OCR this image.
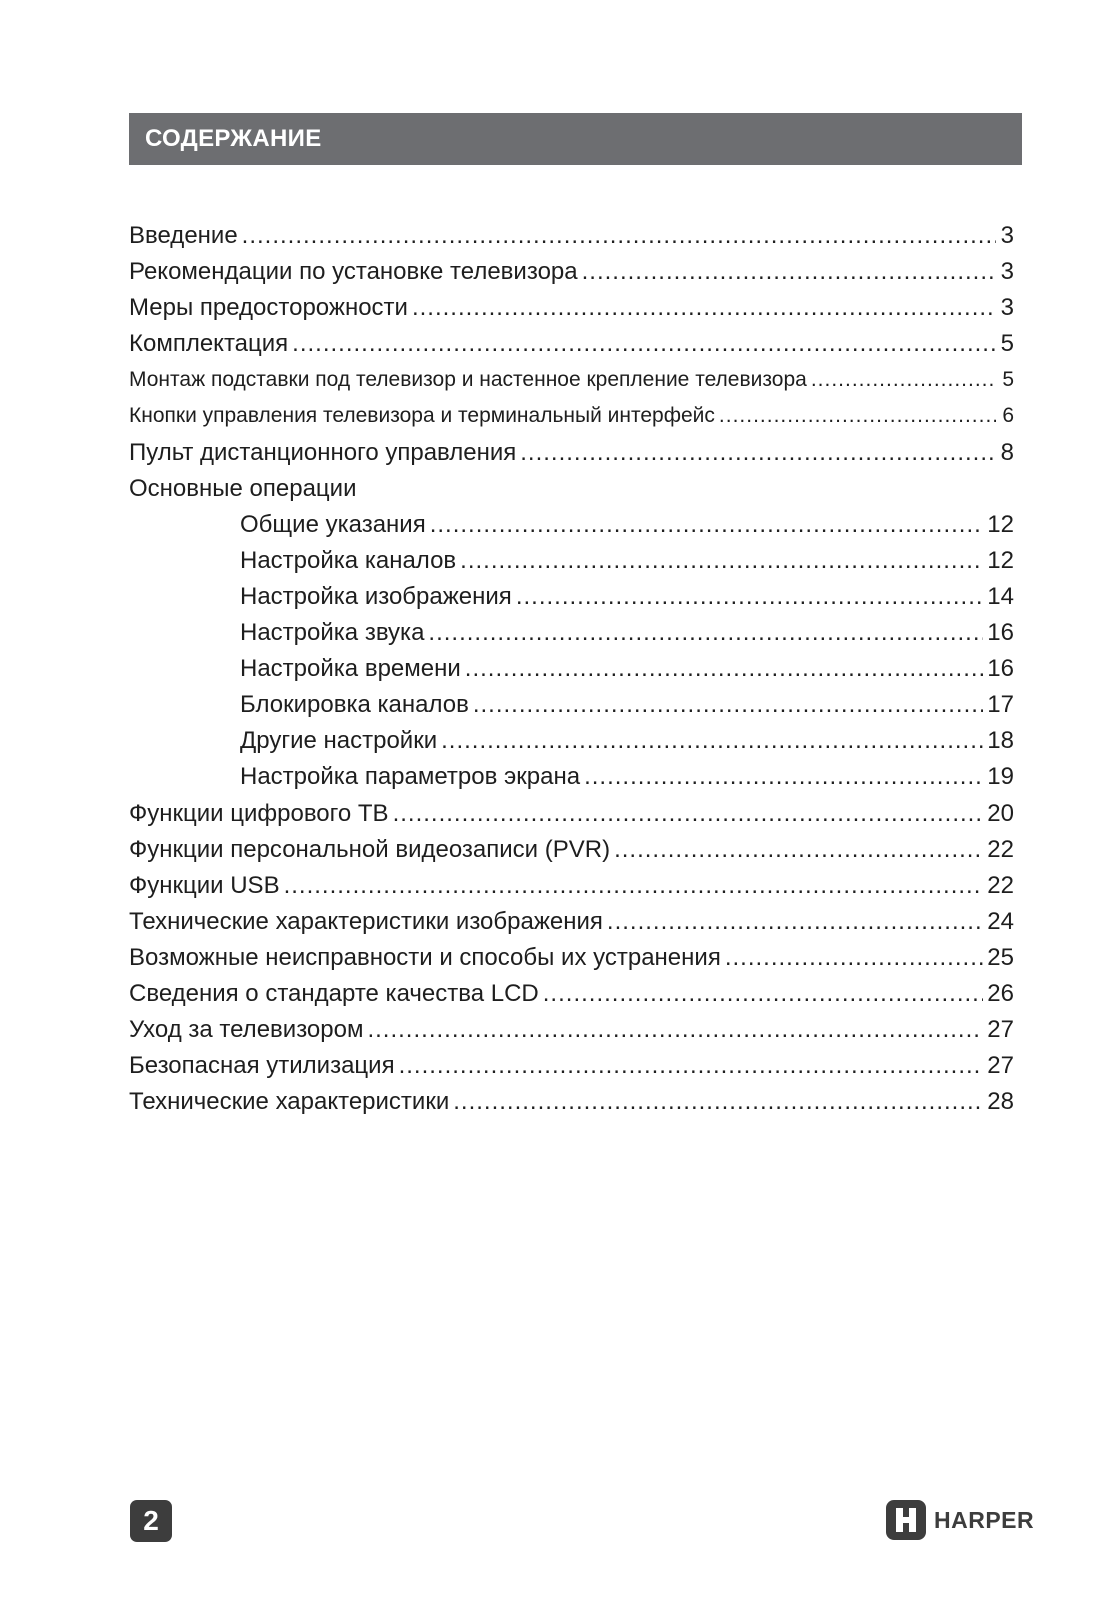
СОДЕРЖАНИЕ
Введение .....	3
Рекомендации по установке телевизора .....	3
Меры предосторожности .....	3
Комплектация .....	5
Монтаж подставки под телевизор и настенное крепление телевизора .....	5
Кнопки управления телевизора и терминальный интерфейс .....	6
Пульт дистанционного управления .....	8
Основные операции
Общие указания .....	12
Настройка каналов .....	12
Настройка изображения .....	14
Настройка звука .....	16
Настройка времени .....	16
Блокировка каналов .....	17
Другие настройки .....	18
Настройка параметров экрана .....	19
Функции цифрового ТВ .....	20
Функции персональной видеозаписи (PVR) .....	22
Функции USB .....	22
Технические характеристики изображения .....	24
Возможные неисправности и способы их устранения .....	25
Сведения о стандарте качества LCD .....	26
Уход за телевизором .....	27
Безопасная утилизация .....	27
Технические характеристики .....	28
2	HARPER
